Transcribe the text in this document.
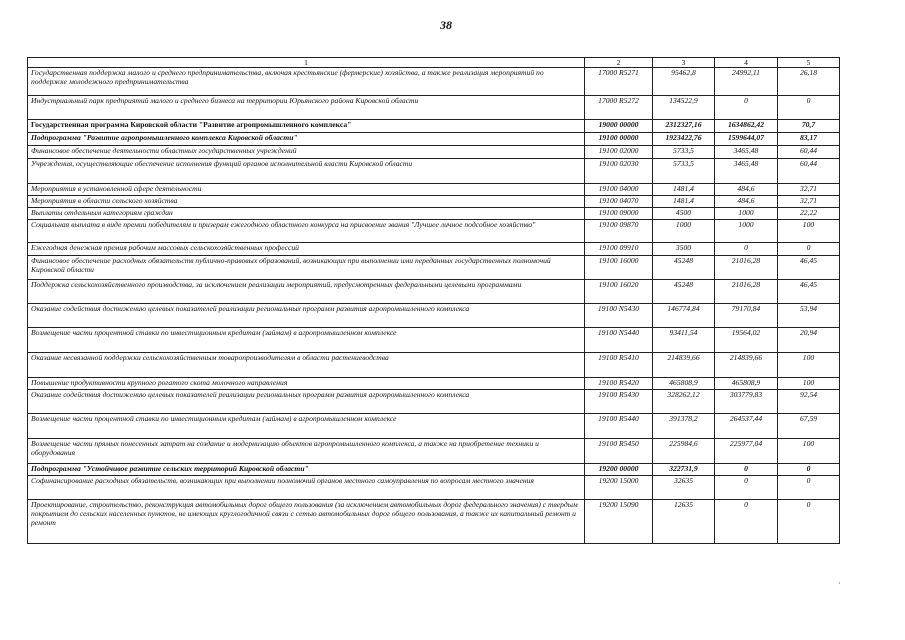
38
1	2	3	4	5
Государственная поддержка малого и среднего предпринимательства, включая крестьянские (фермерские) хозяйства, а также реализация мероприятий по поддержке молодежного предпринимательства	17000 R5271	95462,8	24992,11	26,18
Индустриальный парк предприятий малого и среднего бизнеса на территории Юрьянского района Кировской области	17000 R5272	134522,9	0	0
Государственная программа Кировской области "Развитие агропромышленного комплекса"	19000 00000	2312327,16	1634862,42	70,7
Подпрограмма "Развитие агропромышленного комплекса Кировской области"	19100 00000	1923422,76	1599644,07	83,17
Финансовое обеспечение деятельности областных государственных учреждений	19100 02000	5733,5	3465,48	60,44
Учреждения, осуществляющие обеспечение исполнения функций органов исполнительной власти Кировской области	19100 02030	5733,5	3465,48	60,44
Мероприятия в установленной сфере деятельности	19100 04000	1481,4	484,6	32,71
Мероприятия в области сельского хозяйства	19100 04070	1481,4	484,6	32,71
Выплаты отдельным категориям граждан	19100 09000	4500	1000	22,22
Социальная выплата в виде премии победителям и призерам ежегодного областного конкурса на присвоение звания "Лучшее личное подсобное хозяйство"	19100 09870	1000	1000	100
Ежегодная денежная премия рабочим массовых сельскохозяйственных профессий	19100 09910	3500	0	0
Финансовое обеспечение расходных обязательств публично-правовых образований, возникающих при выполнении ими переданных государственных полномочий Кировской области	19100 16000	45248	21016,28	46,45
Поддержка сельскохозяйственного производства, за исключением реализации мероприятий, предусмотренных федеральными целевыми программами	19100 16020	45248	21016,28	46,45
Оказание содействия достижению целевых показателей реализации региональных программ развития агропромышленного комплекса	19100 N5430	146774,84	79170,84	53,94
Возмещение части процентной ставки по инвестиционным кредитам (займам) в агропромышленном комплексе	19100 N5440	93411,54	19564,02	20,94
Оказание несвязанной поддержки сельскохозяйственным товаропроизводителям в области растениеводства	19100 R5410	214839,66	214839,66	100
Повышение продуктивности крупного рогатого скота молочного направления	19100 R5420	465808,9	465808,9	100
Оказание содействия достижению целевых показателей реализации региональных программ развития агропромышленного комплекса	19100 R5430	328262,12	303779,83	92,54
Возмещение части процентной ставки по инвестиционным кредитам (займам) в агропромышленном комплексе	19100 R5440	391378,2	264537,44	67,59
Возмещение части прямых понесенных затрат на создание и модернизацию объектов агропромышленного комплекса, а также на приобретение техники и оборудования	19100 R5450	225984,6	225977,04	100
Подпрограмма "Устойчивое развитие сельских территорий Кировской области"	19200 00000	322731,9	0	0
Софинансирование расходных обязательств, возникающих при выполнении полномочий органов местного самоуправления по вопросам местного значения	19200 15000	32635	0	0
Проектирование, строительство, реконструкция автомобильных дорог общего пользования (за исключением автомобильных дорог федерального значения) с твердым покрытием до сельских населенных пунктов, не имеющих круглогодичной связи с сетью автомобильных дорог общего пользования, а также их капитальный ремонт и ремонт	19200 15090	12635	0	0
·
